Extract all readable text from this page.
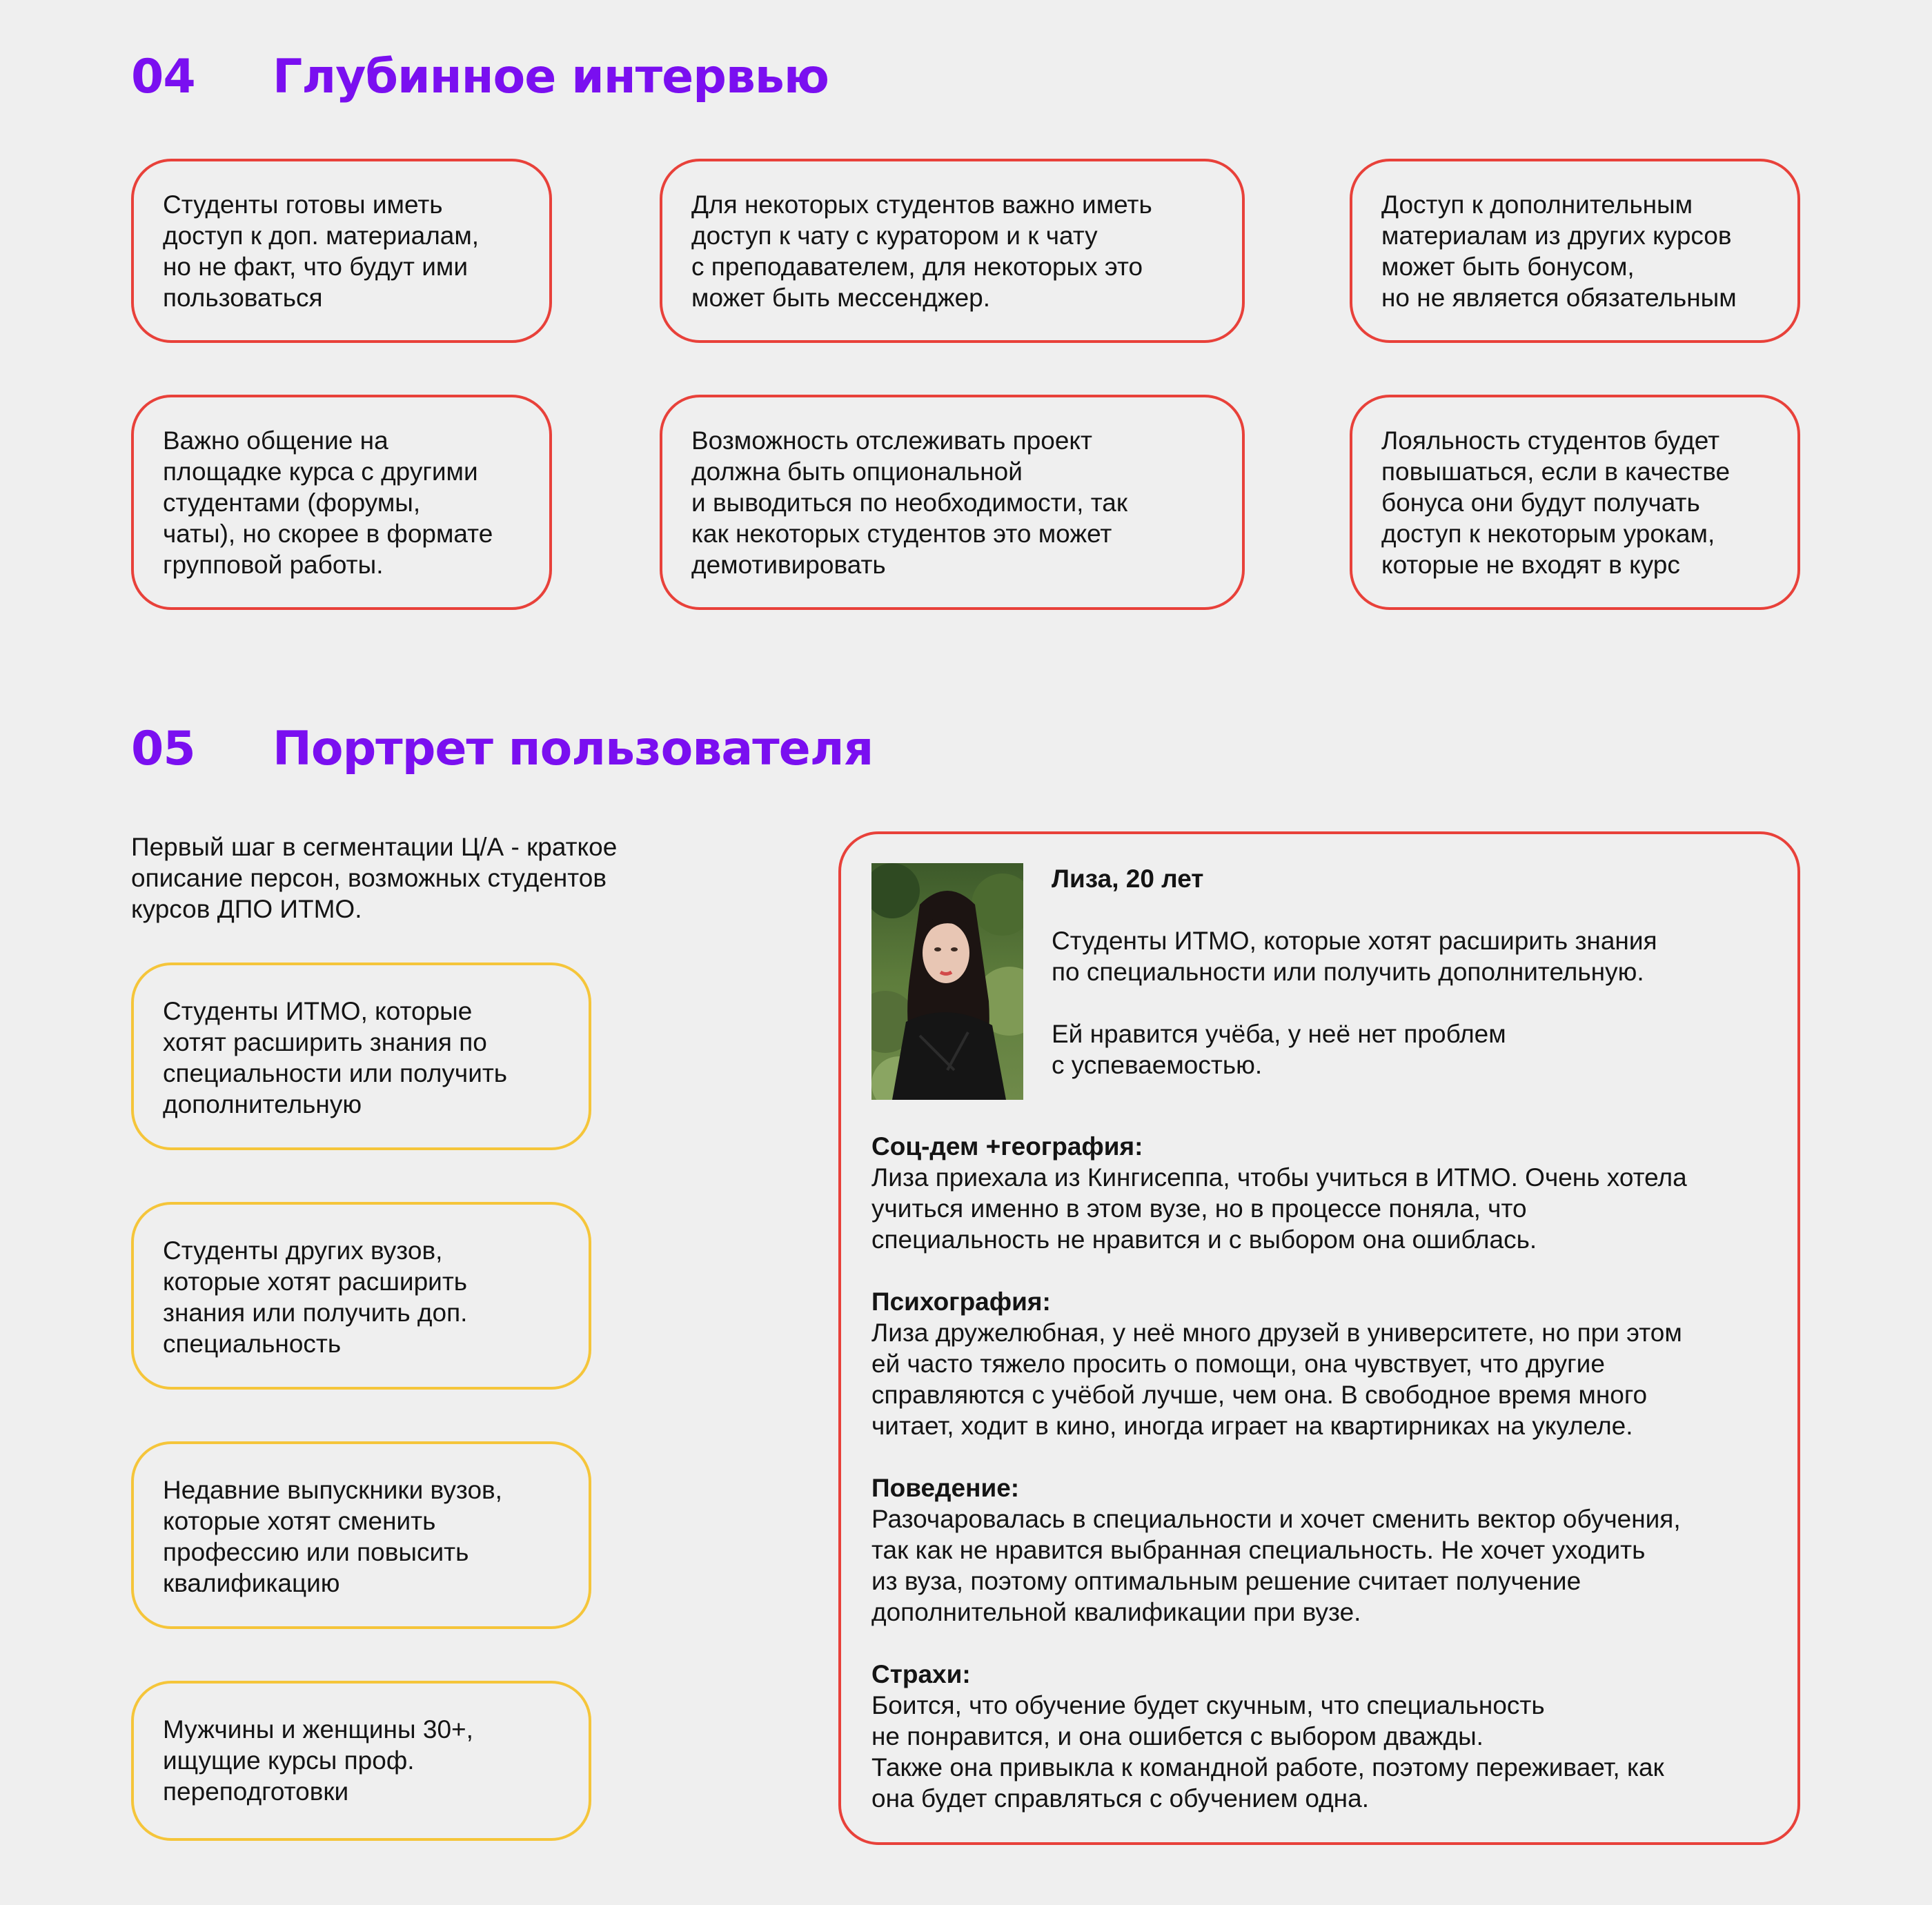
04	Глубинное интервью
Студенты готовы иметь
доступ к доп. материалам,
но не факт, что будут ими
пользоваться
Для некоторых студентов важно иметь
доступ к чату с куратором и к чату
с преподавателем, для некоторых это
может быть мессенджер.
Доступ к дополнительным
материалам из других курсов
может быть бонусом,
но не является обязательным
Важно общение на
площадке курса с другими
студентами (форумы,
чаты), но скорее в формате
групповой работы.
Возможность отслеживать проект
должна быть опциональной
и выводиться по необходимости, так
как некоторых студентов это может
демотивировать
Лояльность студентов будет
повышаться, если в качестве
бонуса они будут получать
доступ к некоторым урокам,
которые не входят в курс
05	Портрет пользователя
Первый шаг в сегментации Ц/А - краткое
описание персон, возможных студентов
курсов ДПО ИТМО.
Студенты ИТМО, которые
хотят расширить знания по
специальности или получить
дополнительную
Студенты других вузов,
которые хотят расширить
знания или получить доп.
специальность
Недавние выпускники вузов,
которые хотят сменить
профессию или повысить
квалификацию
Мужчины и женщины 30+,
ищущие курсы проф.
переподготовки
Лиза, 20 лет
Студенты ИТМО, которые хотят расширить знания
по специальности или получить дополнительную.
Ей нравится учёба, у неё нет проблем
с успеваемостью.
Соц-дем +география:
Лиза приехала из Кингисеппа, чтобы учиться в ИТМО. Очень хотела
учиться именно в этом вузе, но в процессе поняла, что
специальность не нравится и с выбором она ошиблась.
Психография:
Лиза дружелюбная, у неё много друзей в университете, но при этом
ей часто тяжело просить о помощи, она чувствует, что другие
справляются с учёбой лучше, чем она. В свободное время много
читает, ходит в кино, иногда играет на квартирниках на укулеле.
Поведение:
Разочаровалась в специальности и хочет сменить вектор обучения,
так как не нравится выбранная специальность. Не хочет уходить
из вуза, поэтому оптимальным решение считает получение
дополнительной квалификации при вузе.
Страхи:
Боится, что обучение будет скучным, что специальность
не понравится, и она ошибется с выбором дважды.
Также она привыкла к командной работе, поэтому переживает, как
она будет справляться с обучением одна.
